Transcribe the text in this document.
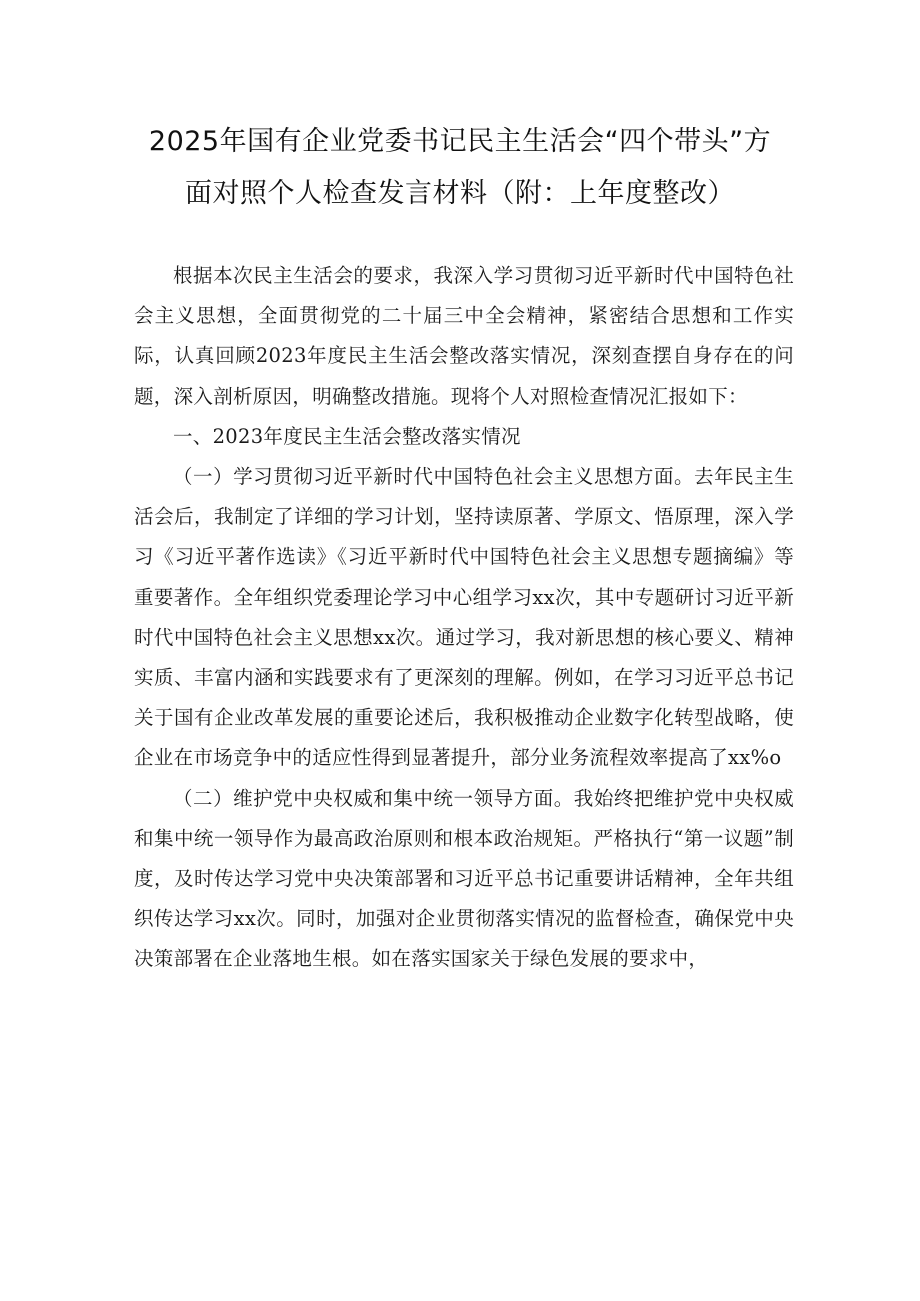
2025年国有企业党委书记民主生活会“四个带头”方
面对照个人检查发言材料（附：上年度整改）

根据本次民主生活会的要求，我深入学习贯彻习近平新时代中国特色社会主义思想，全面贯彻党的二十届三中全会精神，紧密结合思想和工作实际，认真回顾2023年度民主生活会整改落实情况，深刻查摆自身存在的问题，深入剖析原因，明确整改措施。现将个人对照检查情况汇报如下：

一、2023年度民主生活会整改落实情况

（一）学习贯彻习近平新时代中国特色社会主义思想方面。去年民主生活会后，我制定了详细的学习计划，坚持读原著、学原文、悟原理，深入学习《习近平著作选读》《习近平新时代中国特色社会主义思想专题摘编》等重要著作。全年组织党委理论学习中心组学习xx次，其中专题研讨习近平新时代中国特色社会主义思想xx次。通过学习，我对新思想的核心要义、精神实质、丰富内涵和实践要求有了更深刻的理解。例如，在学习习近平总书记关于国有企业改革发展的重要论述后，我积极推动企业数字化转型战略，使企业在市场竞争中的适应性得到显著提升，部分业务流程效率提高了xx%o

（二）维护党中央权威和集中统一领导方面。我始终把维护党中央权威和集中统一领导作为最高政治原则和根本政治规矩。严格执行“第一议题”制度，及时传达学习党中央决策部署和习近平总书记重要讲话精神，全年共组织传达学习xx次。同时，加强对企业贯彻落实情况的监督检查，确保党中央决策部署在企业落地生根。如在落实国家关于绿色发展的要求中，
